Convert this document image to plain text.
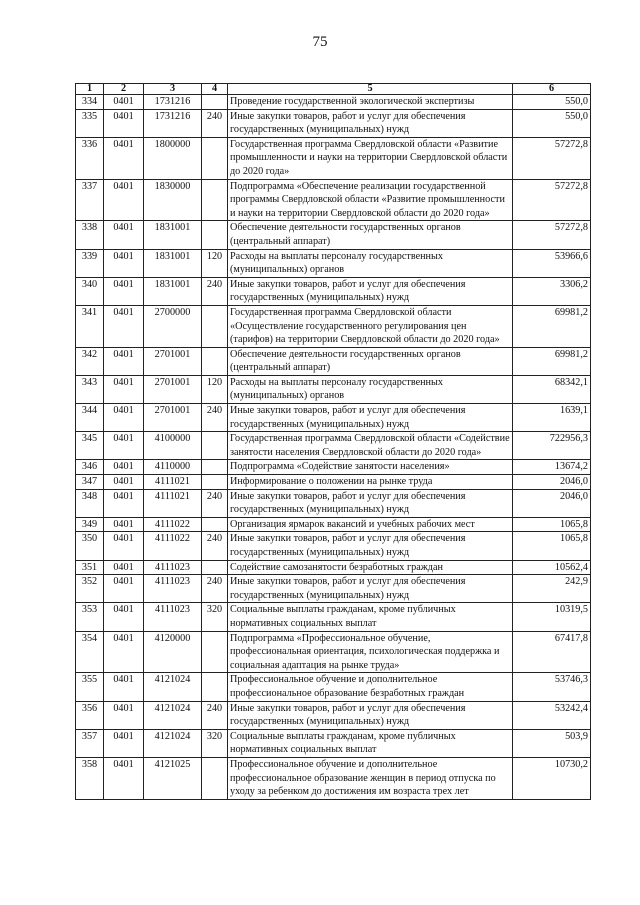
75
1	2	3	4	5	6
334	0401	1731216		Проведение государственной экологической экспертизы	550,0
335	0401	1731216	240	Иные закупки товаров, работ и услуг для обеспечения государственных (муниципальных) нужд	550,0
336	0401	1800000		Государственная программа Свердловской области «Развитие промышленности и науки на территории Свердловской области до 2020 года»	57272,8
337	0401	1830000		Подпрограмма «Обеспечение реализации государственной программы Свердловской области «Развитие промышленности и науки на территории Свердловской области до 2020 года»	57272,8
338	0401	1831001		Обеспечение деятельности государственных органов (центральный аппарат)	57272,8
339	0401	1831001	120	Расходы на выплаты персоналу государственных (муниципальных) органов	53966,6
340	0401	1831001	240	Иные закупки товаров, работ и услуг для обеспечения государственных (муниципальных) нужд	3306,2
341	0401	2700000		Государственная программа Свердловской области «Осуществление государственного регулирования цен (тарифов) на территории Свердловской области до 2020 года»	69981,2
342	0401	2701001		Обеспечение деятельности государственных органов (центральный аппарат)	69981,2
343	0401	2701001	120	Расходы на выплаты персоналу государственных (муниципальных) органов	68342,1
344	0401	2701001	240	Иные закупки товаров, работ и услуг для обеспечения государственных (муниципальных) нужд	1639,1
345	0401	4100000		Государственная программа Свердловской области «Содействие занятости населения Свердловской области до 2020 года»	722956,3
346	0401	4110000		Подпрограмма «Содействие занятости населения»	13674,2
347	0401	4111021		Информирование о положении на рынке труда	2046,0
348	0401	4111021	240	Иные закупки товаров, работ и услуг для обеспечения государственных (муниципальных) нужд	2046,0
349	0401	4111022		Организация ярмарок вакансий и учебных рабочих мест	1065,8
350	0401	4111022	240	Иные закупки товаров, работ и услуг для обеспечения государственных (муниципальных) нужд	1065,8
351	0401	4111023		Содействие самозанятости безработных граждан	10562,4
352	0401	4111023	240	Иные закупки товаров, работ и услуг для обеспечения государственных (муниципальных) нужд	242,9
353	0401	4111023	320	Социальные выплаты гражданам, кроме публичных нормативных социальных выплат	10319,5
354	0401	4120000		Подпрограмма «Профессиональное обучение, профессиональная ориентация, психологическая поддержка и социальная адаптация на рынке труда»	67417,8
355	0401	4121024		Профессиональное обучение и дополнительное профессиональное образование безработных граждан	53746,3
356	0401	4121024	240	Иные закупки товаров, работ и услуг для обеспечения государственных (муниципальных) нужд	53242,4
357	0401	4121024	320	Социальные выплаты гражданам, кроме публичных нормативных социальных выплат	503,9
358	0401	4121025		Профессиональное обучение и дополнительное профессиональное образование женщин в период отпуска по уходу за ребенком до достижения им возраста трех лет	10730,2
